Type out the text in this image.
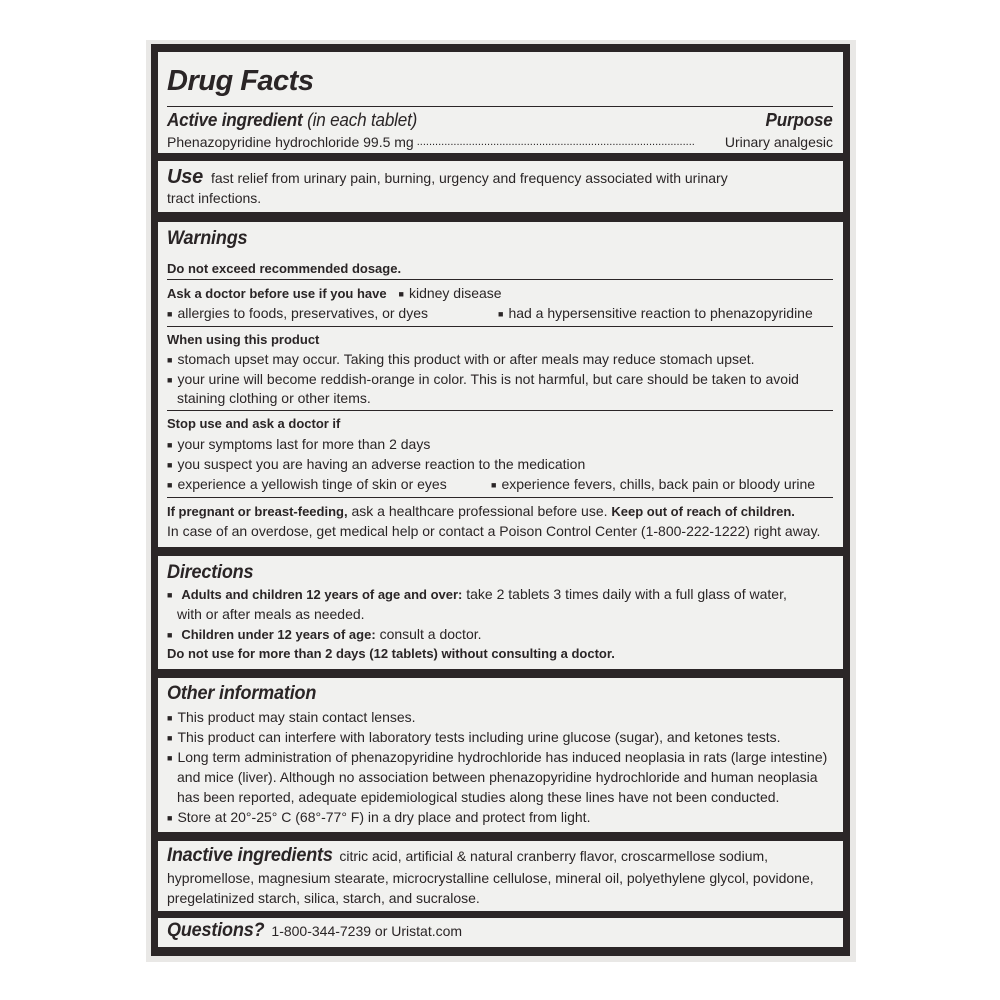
Drug Facts
Active ingredient (in each tablet)	Purpose
Phenazopyridine hydrochloride 99.5 mg ...........................................................................................	Urinary analgesic
Use fast relief from urinary pain, burning, urgency and frequency associated with urinary
tract infections.
Warnings
Do not exceed recommended dosage.
Ask a doctor before use if you have ■ kidney disease
■ allergies to foods, preservatives, or dyes	■ had a hypersensitive reaction to phenazopyridine
When using this product
■ stomach upset may occur. Taking this product with or after meals may reduce stomach upset.
■ your urine will become reddish-orange in color. This is not harmful, but care should be taken to avoid
staining clothing or other items.
Stop use and ask a doctor if
■ your symptoms last for more than 2 days
■ you suspect you are having an adverse reaction to the medication
■ experience a yellowish tinge of skin or eyes	■ experience fevers, chills, back pain or bloody urine
If pregnant or breast-feeding, ask a healthcare professional before use. Keep out of reach of children.
In case of an overdose, get medical help or contact a Poison Control Center (1-800-222-1222) right away.
Directions
■ Adults and children 12 years of age and over: take 2 tablets 3 times daily with a full glass of water,
with or after meals as needed.
■ Children under 12 years of age: consult a doctor.
Do not use for more than 2 days (12 tablets) without consulting a doctor.
Other information
■ This product may stain contact lenses.
■ This product can interfere with laboratory tests including urine glucose (sugar), and ketones tests.
■ Long term administration of phenazopyridine hydrochloride has induced neoplasia in rats (large intestine)
and mice (liver). Although no association between phenazopyridine hydrochloride and human neoplasia
has been reported, adequate epidemiological studies along these lines have not been conducted.
■ Store at 20°-25° C (68°-77° F) in a dry place and protect from light.
Inactive ingredients citric acid, artificial & natural cranberry flavor, croscarmellose sodium,
hypromellose, magnesium stearate, microcrystalline cellulose, mineral oil, polyethylene glycol, povidone,
pregelatinized starch, silica, starch, and sucralose.
Questions? 1-800-344-7239 or Uristat.com
